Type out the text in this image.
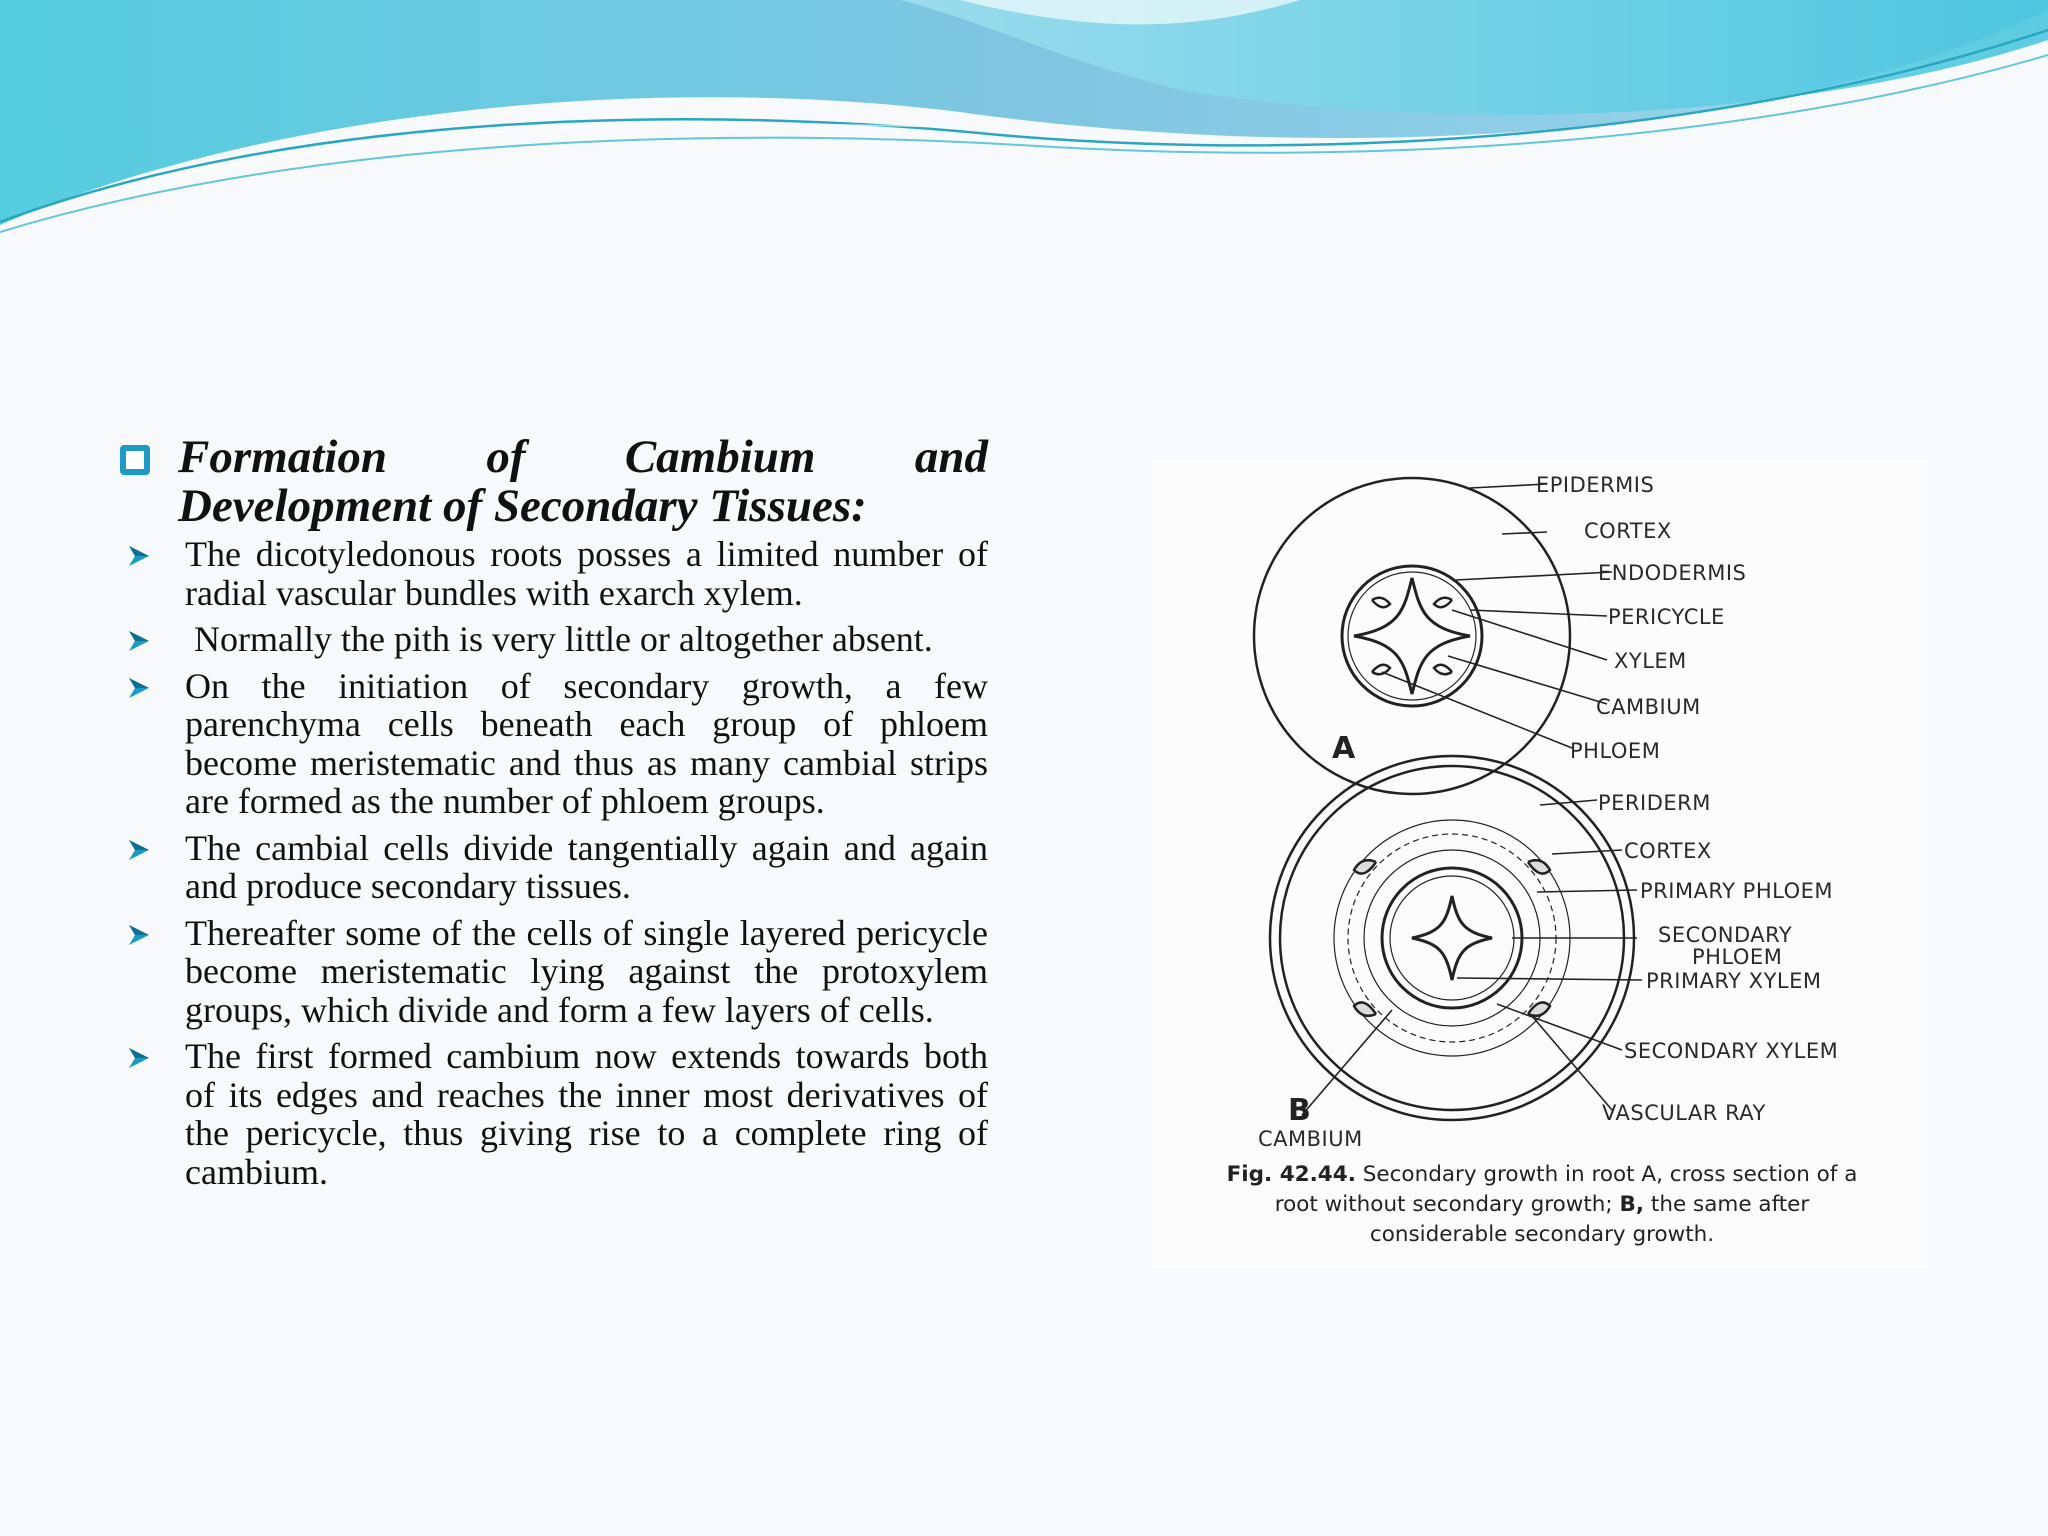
Formation of Cambium and
Development of Secondary Tissues:
The dicotyledonous roots posses a limited number of radial vascular bundles with exarch xylem.
Normally the pith is very little or altogether absent.
On the initiation of secondary growth, a few parenchyma cells beneath each group of phloem become meristematic and thus as many cambial strips are formed as the number of phloem groups.
The cambial cells divide tangentially again and again and produce secondary tissues.
Thereafter some of the cells of single layered pericycle become meristematic lying against the protoxylem groups, which divide and form a few layers of cells.
The first formed cambium now extends towards both of its edges and reaches the inner most derivatives of the pericycle, thus giving rise to a complete ring of cambium.
EPIDERMIS
CORTEX
ENDODERMIS
PERICYCLE
XYLEM
CAMBIUM
PHLOEM
A
PERIDERM
CORTEX
PRIMARY PHLOEM
SECONDARY
PHLOEM
PRIMARY XYLEM
SECONDARY XYLEM
VASCULAR RAY
CAMBIUM
B
Fig. 42.44. Secondary growth in root A, cross section of a
root without secondary growth; B, the same after
considerable secondary growth.
